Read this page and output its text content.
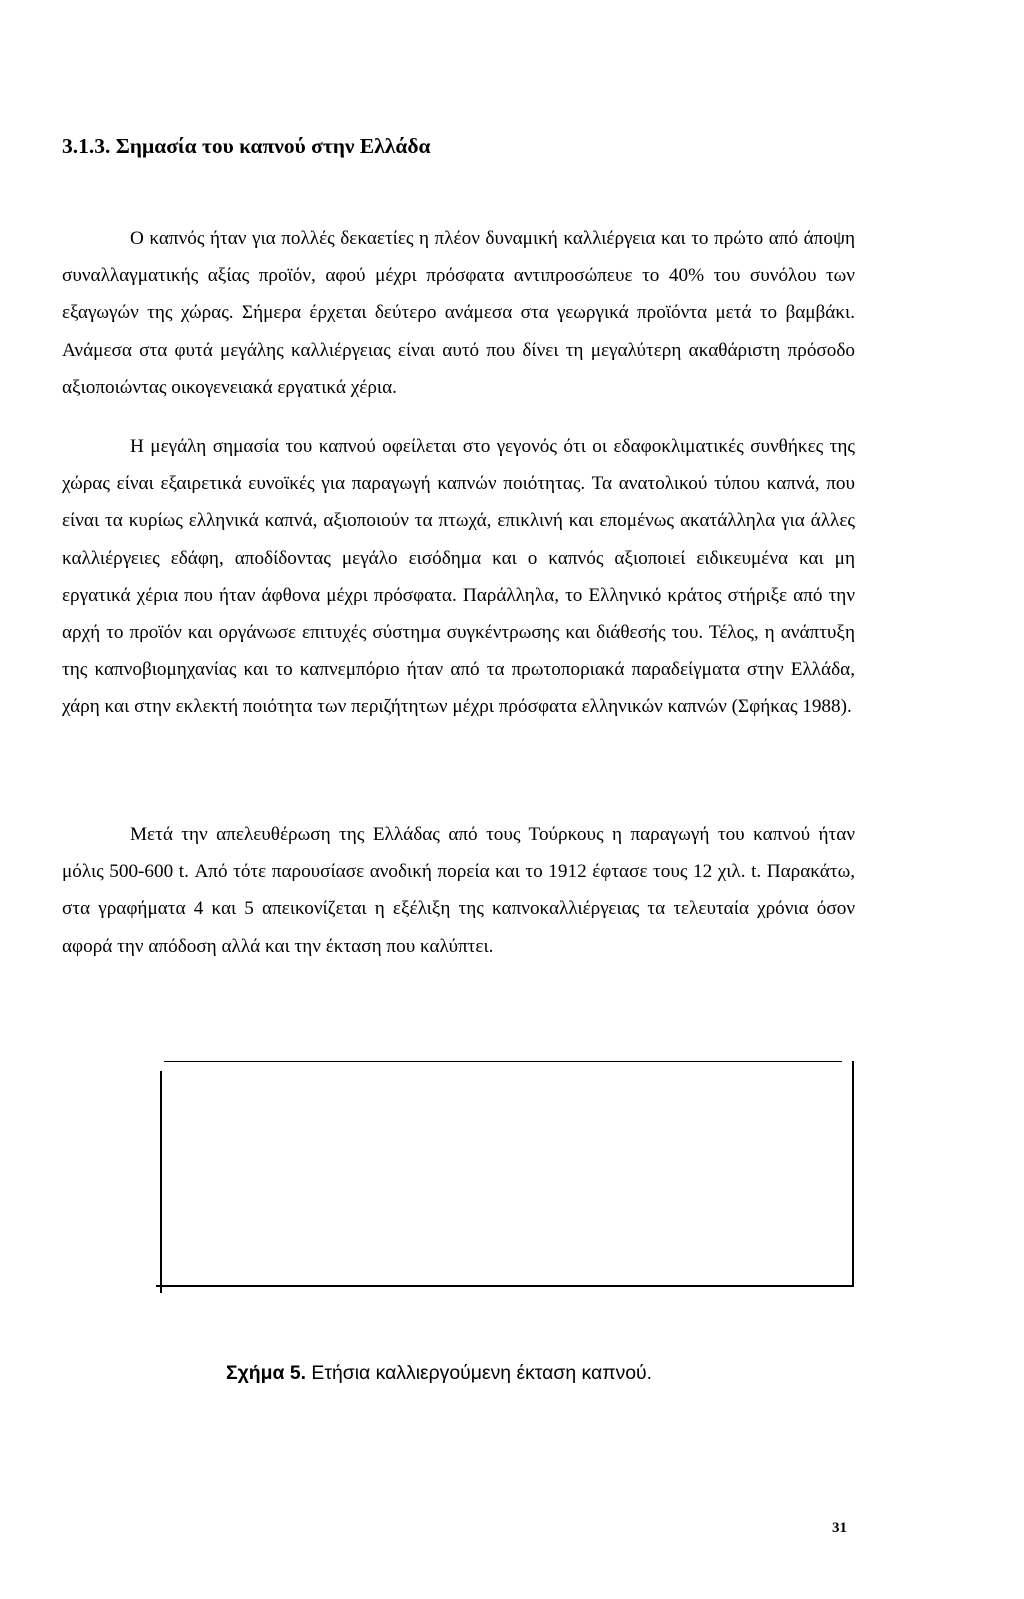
3.1.3. Σημασία του καπνού στην Ελλάδα

Ο καπνός ήταν για πολλές δεκαετίες η πλέον δυναμική καλλιέργεια και το πρώτο από άποψη συναλλαγματικής αξίας προϊόν, αφού μέχρι πρόσφατα αντιπροσώπευε το 40% του συνόλου των εξαγωγών της χώρας. Σήμερα έρχεται δεύτερο ανάμεσα στα γεωργικά προϊόντα μετά το βαμβάκι. Ανάμεσα στα φυτά μεγάλης καλλιέργειας είναι αυτό που δίνει τη μεγαλύτερη ακαθάριστη πρόσοδο αξιοποιώντας οικογενειακά εργατικά χέρια.

Η μεγάλη σημασία του καπνού οφείλεται στο γεγονός ότι οι εδαφοκλιματικές συνθήκες της χώρας είναι εξαιρετικά ευνοϊκές για παραγωγή καπνών ποιότητας. Τα ανατολικού τύπου καπνά, που είναι τα κυρίως ελληνικά καπνά, αξιοποιούν τα πτωχά, επικλινή και επομένως ακατάλληλα για άλλες καλλιέργειες εδάφη, αποδίδοντας μεγάλο εισόδημα και ο καπνός αξιοποιεί ειδικευμένα και μη εργατικά χέρια που ήταν άφθονα μέχρι πρόσφατα. Παράλληλα, το Ελληνικό κράτος στήριξε από την αρχή το προϊόν και οργάνωσε επιτυχές σύστημα συγκέντρωσης και διάθεσής του. Τέλος, η ανάπτυξη της καπνοβιομηχανίας και το καπνεμπόριο ήταν από τα πρωτοποριακά παραδείγματα στην Ελλάδα, χάρη και στην εκλεκτή ποιότητα των περιζήτητων μέχρι πρόσφατα ελληνικών καπνών (Σφήκας 1988).

Μετά την απελευθέρωση της Ελλάδας από τους Τούρκους η παραγωγή του καπνού ήταν μόλις 500-600 t. Από τότε παρουσίασε ανοδική πορεία και το 1912 έφτασε τους 12 χιλ. t. Παρακάτω, στα γραφήματα 4 και 5 απεικονίζεται η εξέλιξη της καπνοκαλλιέργειας τα τελευταία χρόνια όσον αφορά την απόδοση αλλά και την έκταση που καλύπτει.

Σχήμα 5. Ετήσια καλλιεργούμενη έκταση καπνού.
31
